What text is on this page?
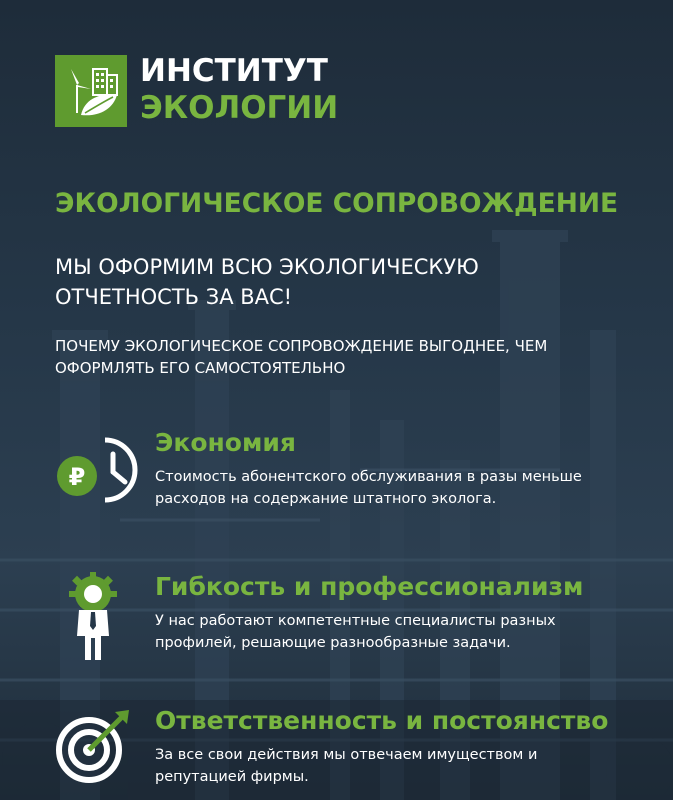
ИНСТИТУТ
ЭКОЛОГИИ
ЭКОЛОГИЧЕСКОЕ СОПРОВОЖДЕНИЕ
МЫ ОФОРМИМ ВСЮ ЭКОЛОГИЧЕСКУЮ ОТЧЕТНОСТЬ ЗА ВАС!
ПОЧЕМУ ЭКОЛОГИЧЕСКОЕ СОПРОВОЖДЕНИЕ ВЫГОДНЕЕ, ЧЕМ ОФОРМЛЯТЬ ЕГО САМОСТОЯТЕЛЬНО
₽
Экономия
Стоимость абонентского обслуживания в разы меньше расходов на содержание штатного эколога.
Гибкость и профессионализм
У нас работают компетентные специалисты разных профилей, решающие разнообразные задачи.
Ответственность и постоянство
За все свои действия мы отвечаем имуществом и репутацией фирмы.
